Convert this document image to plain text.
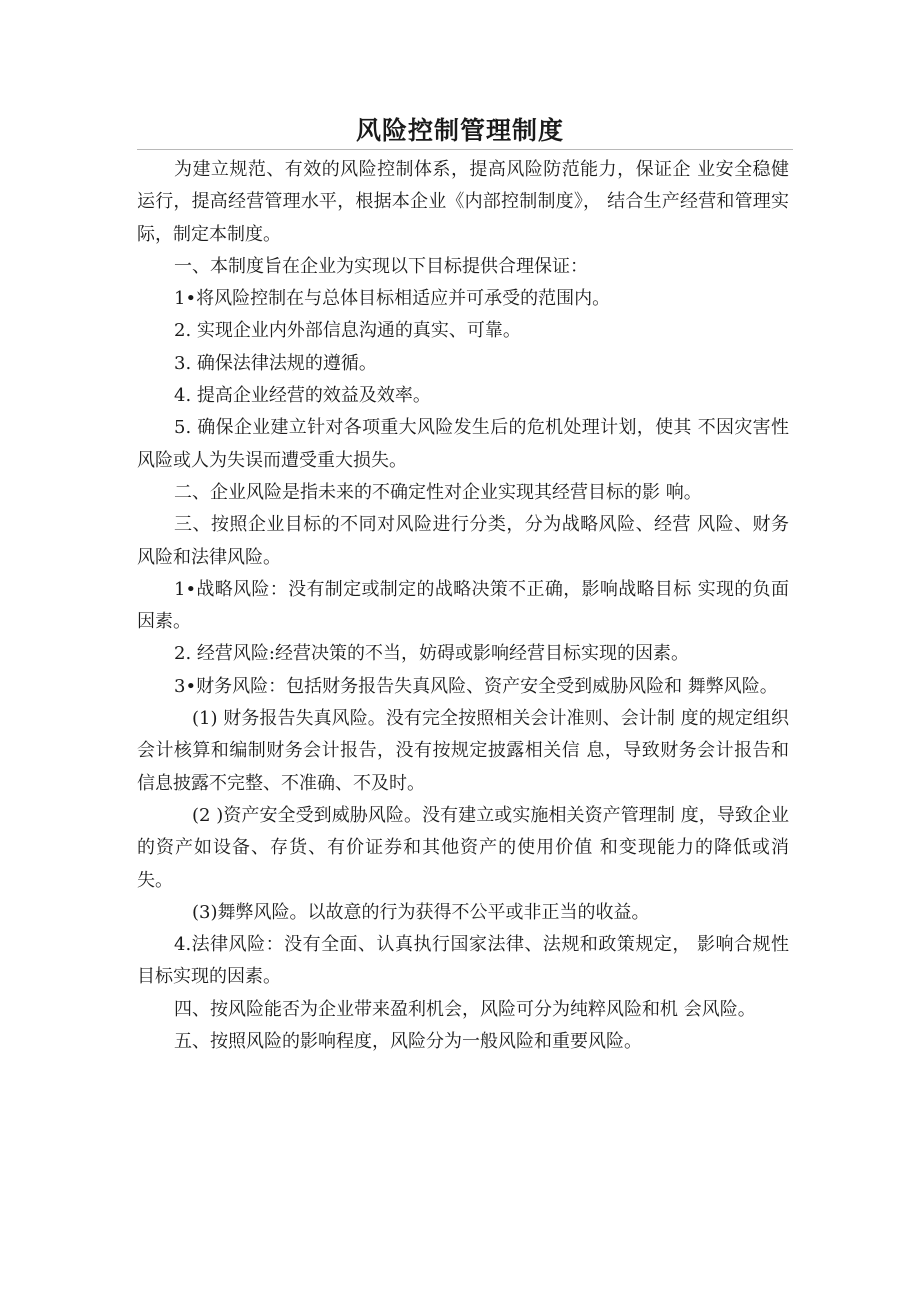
风险控制管理制度

为建立规范、有效的风险控制体系，提高风险防范能力，保证企 业安全稳健运行，提高经营管理水平，根据本企业《内部控制制度》， 结合生产经营和管理实际，制定本制度。

一、本制度旨在企业为实现以下目标提供合理保证：

1•将风险控制在与总体目标相适应并可承受的范围内。

2. 实现企业内外部信息沟通的真实、可靠。

3. 确保法律法规的遵循。

4. 提高企业经营的效益及效率。

5. 确保企业建立针对各项重大风险发生后的危机处理计划，使其 不因灾害性风险或人为失误而遭受重大损失。

二、企业风险是指未来的不确定性对企业实现其经营目标的影 响。

三、按照企业目标的不同对风险进行分类，分为战略风险、经营 风险、财务风险和法律风险。

1•战略风险：没有制定或制定的战略决策不正确，影响战略目标 实现的负面因素。

2. 经营风险:经营决策的不当，妨碍或影响经营目标实现的因素。

3•财务风险：包括财务报告失真风险、资产安全受到威胁风险和 舞弊风险。

(1) 财务报告失真风险。没有完全按照相关会计准则、会计制 度的规定组织会计核算和编制财务会计报告，没有按规定披露相关信 息，导致财务会计报告和信息披露不完整、不准确、不及时。

(2 )资产安全受到威胁风险。没有建立或实施相关资产管理制 度，导致企业的资产如设备、存货、有价证券和其他资产的使用价值 和变现能力的降低或消失。

(3)舞弊风险。以故意的行为获得不公平或非正当的收益。

4.法律风险：没有全面、认真执行国家法律、法规和政策规定， 影响合规性目标实现的因素。

四、按风险能否为企业带来盈利机会，风险可分为纯粹风险和机 会风险。

五、按照风险的影响程度，风险分为一般风险和重要风险。
